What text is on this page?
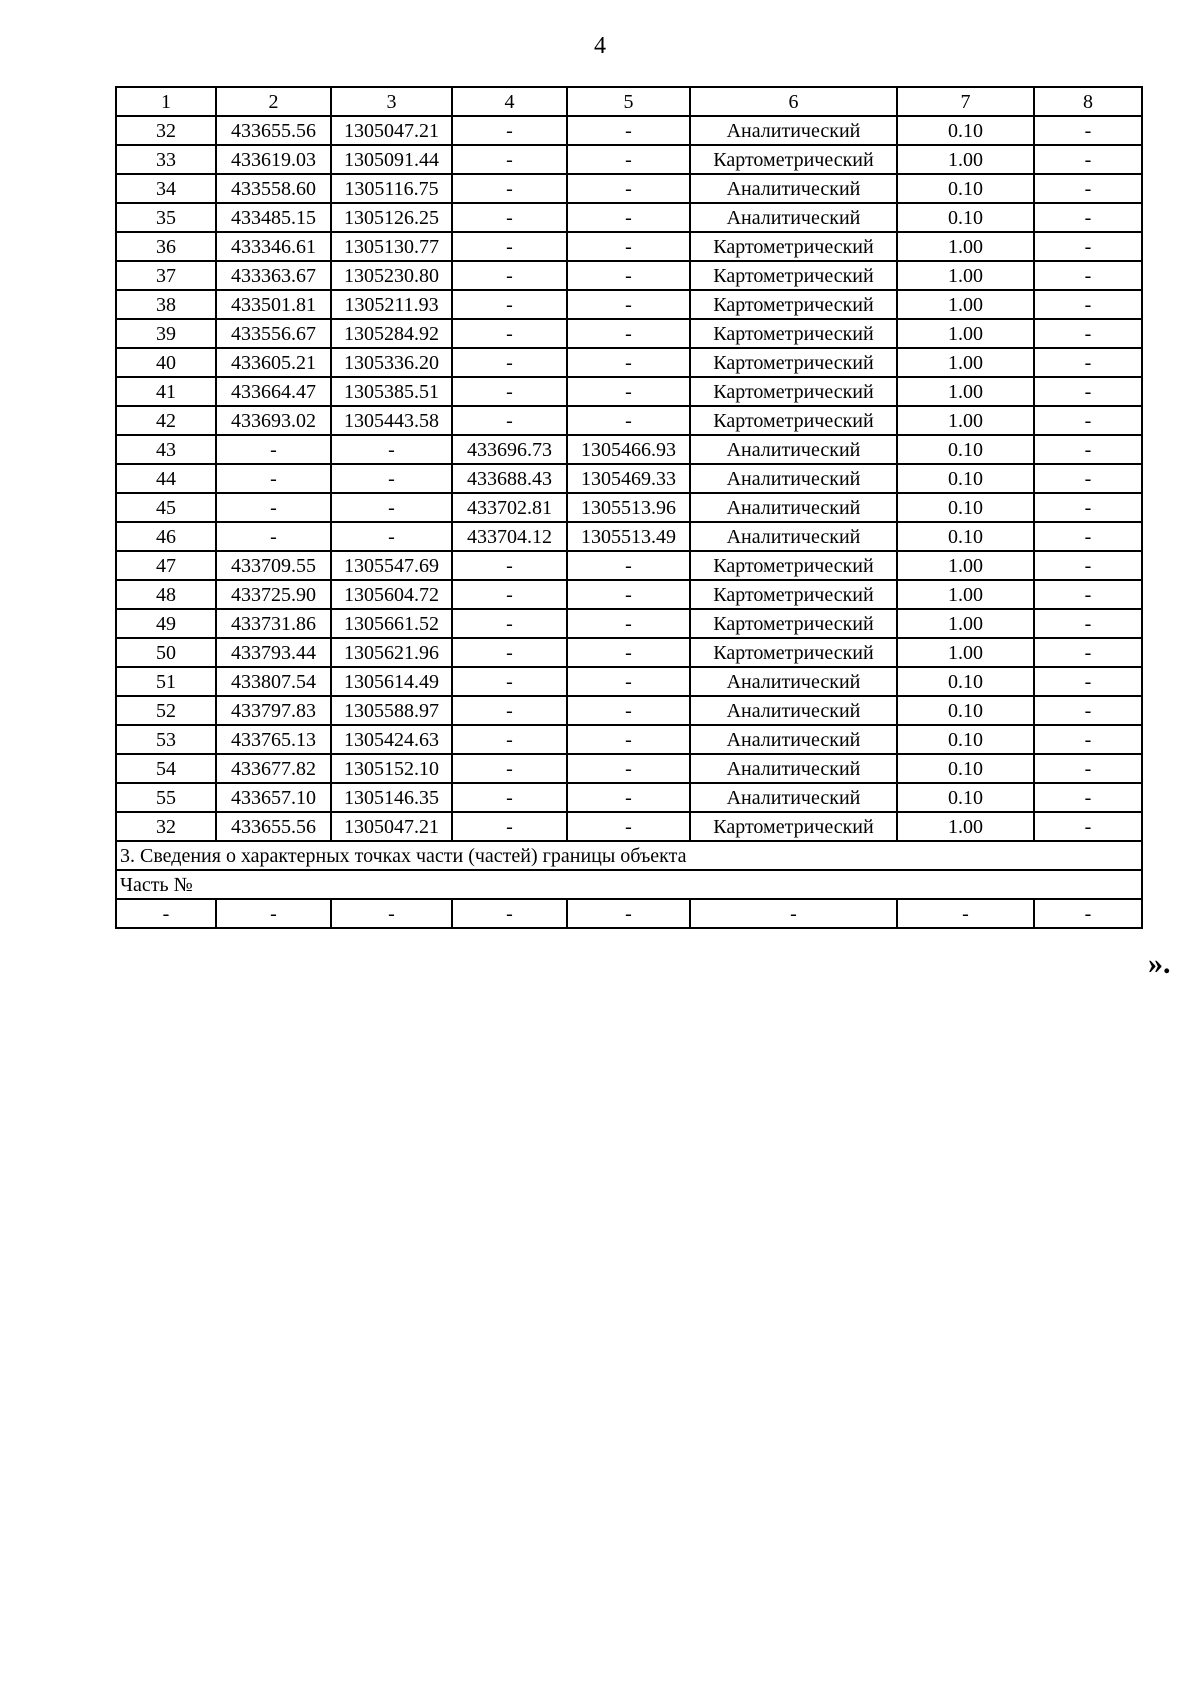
4
1	2	3	4	5	6	7	8
32	433655.56	1305047.21	-	-	Аналитический	0.10	-
33	433619.03	1305091.44	-	-	Картометрический	1.00	-
34	433558.60	1305116.75	-	-	Аналитический	0.10	-
35	433485.15	1305126.25	-	-	Аналитический	0.10	-
36	433346.61	1305130.77	-	-	Картометрический	1.00	-
37	433363.67	1305230.80	-	-	Картометрический	1.00	-
38	433501.81	1305211.93	-	-	Картометрический	1.00	-
39	433556.67	1305284.92	-	-	Картометрический	1.00	-
40	433605.21	1305336.20	-	-	Картометрический	1.00	-
41	433664.47	1305385.51	-	-	Картометрический	1.00	-
42	433693.02	1305443.58	-	-	Картометрический	1.00	-
43	-	-	433696.73	1305466.93	Аналитический	0.10	-
44	-	-	433688.43	1305469.33	Аналитический	0.10	-
45	-	-	433702.81	1305513.96	Аналитический	0.10	-
46	-	-	433704.12	1305513.49	Аналитический	0.10	-
47	433709.55	1305547.69	-	-	Картометрический	1.00	-
48	433725.90	1305604.72	-	-	Картометрический	1.00	-
49	433731.86	1305661.52	-	-	Картометрический	1.00	-
50	433793.44	1305621.96	-	-	Картометрический	1.00	-
51	433807.54	1305614.49	-	-	Аналитический	0.10	-
52	433797.83	1305588.97	-	-	Аналитический	0.10	-
53	433765.13	1305424.63	-	-	Аналитический	0.10	-
54	433677.82	1305152.10	-	-	Аналитический	0.10	-
55	433657.10	1305146.35	-	-	Аналитический	0.10	-
32	433655.56	1305047.21	-	-	Картометрический	1.00	-
3. Сведения о характерных точках части (частей) границы объекта							
Часть №							
-	-	-	-	-	-	-	-
».
